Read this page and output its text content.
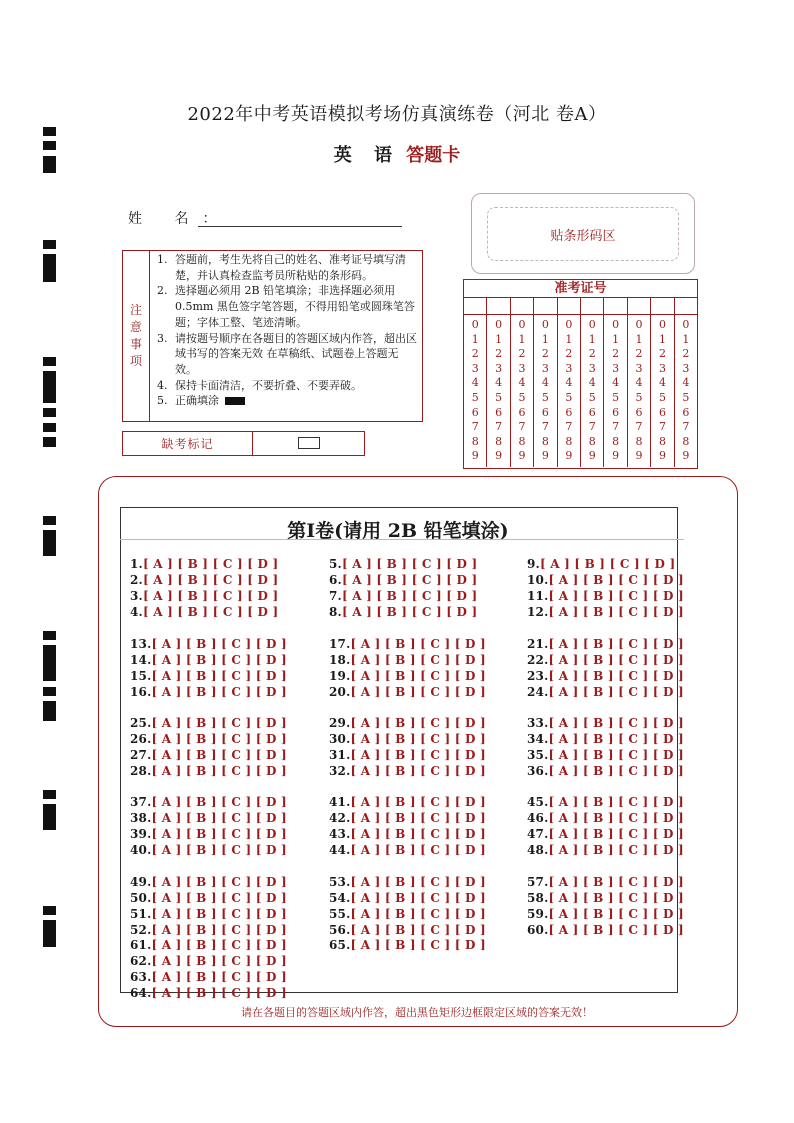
2022年中考英语模拟考场仿真演练卷（河北 卷A）
英 语 答题卡
姓 名：
贴条形码区
注
意
事
项
1. 答题前，考生先将自己的姓名、准考证号填写清楚，并认真检查监考员所粘贴的条形码。
2. 选择题必须用 2B 铅笔填涂；非选择题必须用 0.5mm 黑色签字笔答题，不得用铅笔或圆珠笔答题；字体工整、笔迹清晰。
3. 请按题号顺序在各题目的答题区域内作答，超出区域书写的答案无效 在草稿纸、试题卷上答题无效。
4. 保持卡面清洁，不要折叠、不要弄破。
5. 正确填涂
缺考标记
准考证号
0
1
2
3
4
5
6
7
8
9
0
1
2
3
4
5
6
7
8
9
0
1
2
3
4
5
6
7
8
9
0
1
2
3
4
5
6
7
8
9
0
1
2
3
4
5
6
7
8
9
0
1
2
3
4
5
6
7
8
9
0
1
2
3
4
5
6
7
8
9
0
1
2
3
4
5
6
7
8
9
0
1
2
3
4
5
6
7
8
9
0
1
2
3
4
5
6
7
8
9
第Ⅰ卷(请用 2B 铅笔填涂)
1.[ A ] [ B ] [ C ] [ D ]
2.[ A ] [ B ] [ C ] [ D ]
3.[ A ] [ B ] [ C ] [ D ]
4.[ A ] [ B ] [ C ] [ D ]
5.[ A ] [ B ] [ C ] [ D ]
6.[ A ] [ B ] [ C ] [ D ]
7.[ A ] [ B ] [ C ] [ D ]
8.[ A ] [ B ] [ C ] [ D ]
9.[ A ] [ B ] [ C ] [ D ]
10.[ A ] [ B ] [ C ] [ D ]
11.[ A ] [ B ] [ C ] [ D ]
12.[ A ] [ B ] [ C ] [ D ]
13.[ A ] [ B ] [ C ] [ D ]
14.[ A ] [ B ] [ C ] [ D ]
15.[ A ] [ B ] [ C ] [ D ]
16.[ A ] [ B ] [ C ] [ D ]
17.[ A ] [ B ] [ C ] [ D ]
18.[ A ] [ B ] [ C ] [ D ]
19.[ A ] [ B ] [ C ] [ D ]
20.[ A ] [ B ] [ C ] [ D ]
21.[ A ] [ B ] [ C ] [ D ]
22.[ A ] [ B ] [ C ] [ D ]
23.[ A ] [ B ] [ C ] [ D ]
24.[ A ] [ B ] [ C ] [ D ]
25.[ A ] [ B ] [ C ] [ D ]
26.[ A ] [ B ] [ C ] [ D ]
27.[ A ] [ B ] [ C ] [ D ]
28.[ A ] [ B ] [ C ] [ D ]
29.[ A ] [ B ] [ C ] [ D ]
30.[ A ] [ B ] [ C ] [ D ]
31.[ A ] [ B ] [ C ] [ D ]
32.[ A ] [ B ] [ C ] [ D ]
33.[ A ] [ B ] [ C ] [ D ]
34.[ A ] [ B ] [ C ] [ D ]
35.[ A ] [ B ] [ C ] [ D ]
36.[ A ] [ B ] [ C ] [ D ]
37.[ A ] [ B ] [ C ] [ D ]
38.[ A ] [ B ] [ C ] [ D ]
39.[ A ] [ B ] [ C ] [ D ]
40.[ A ] [ B ] [ C ] [ D ]
41.[ A ] [ B ] [ C ] [ D ]
42.[ A ] [ B ] [ C ] [ D ]
43.[ A ] [ B ] [ C ] [ D ]
44.[ A ] [ B ] [ C ] [ D ]
45.[ A ] [ B ] [ C ] [ D ]
46.[ A ] [ B ] [ C ] [ D ]
47.[ A ] [ B ] [ C ] [ D ]
48.[ A ] [ B ] [ C ] [ D ]
49.[ A ] [ B ] [ C ] [ D ]
50.[ A ] [ B ] [ C ] [ D ]
51.[ A ] [ B ] [ C ] [ D ]
52.[ A ] [ B ] [ C ] [ D ]
53.[ A ] [ B ] [ C ] [ D ]
54.[ A ] [ B ] [ C ] [ D ]
55.[ A ] [ B ] [ C ] [ D ]
56.[ A ] [ B ] [ C ] [ D ]
57.[ A ] [ B ] [ C ] [ D ]
58.[ A ] [ B ] [ C ] [ D ]
59.[ A ] [ B ] [ C ] [ D ]
60.[ A ] [ B ] [ C ] [ D ]
61.[ A ] [ B ] [ C ] [ D ]
62.[ A ] [ B ] [ C ] [ D ]
63.[ A ] [ B ] [ C ] [ D ]
64.[ A ] [ B ] [ C ] [ D ]
65.[ A ] [ B ] [ C ] [ D ]
请在各题目的答题区域内作答，超出黑色矩形边框限定区域的答案无效！
